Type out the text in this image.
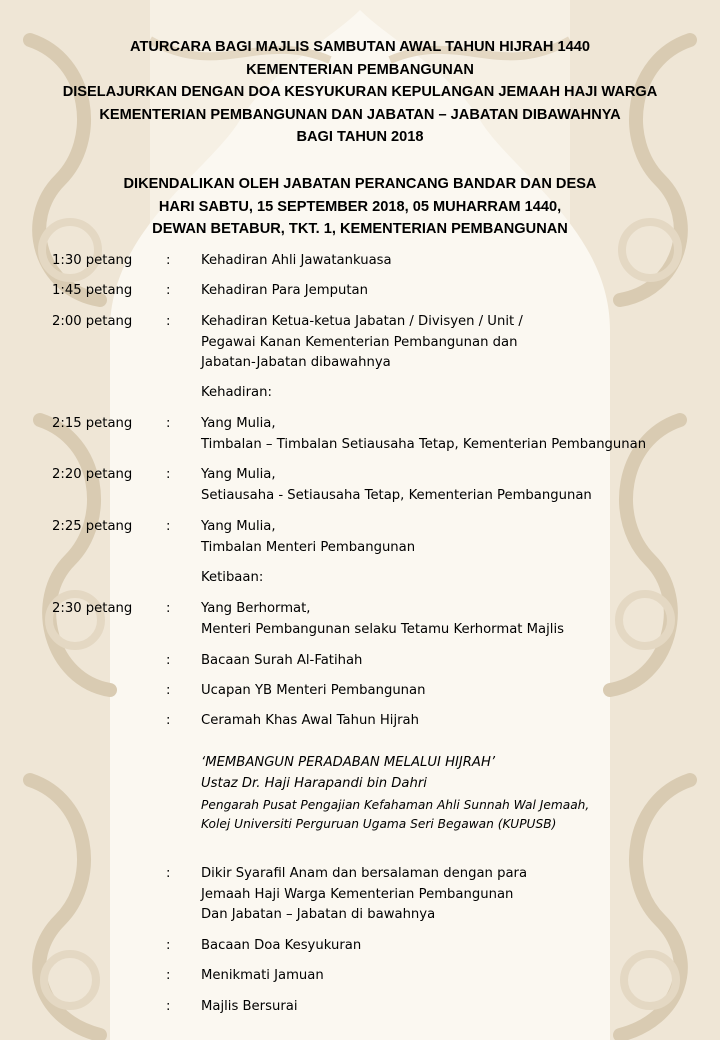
ATURCARA BAGI MAJLIS SAMBUTAN AWAL TAHUN HIJRAH 1440
KEMENTERIAN PEMBANGUNAN
DISELAJURKAN DENGAN DOA KESYUKURAN KEPULANGAN JEMAAH HAJI WARGA
KEMENTERIAN PEMBANGUNAN DAN JABATAN – JABATAN DIBAWAHNYA
BAGI TAHUN 2018
DIKENDALIKAN OLEH JABATAN PERANCANG BANDAR DAN DESA
HARI SABTU, 15 SEPTEMBER 2018, 05 MUHARRAM 1440,
DEWAN BETABUR, TKT. 1, KEMENTERIAN PEMBANGUNAN
1:30 petang	: Kehadiran Ahli Jawatankuasa
1:45 petang	: Kehadiran Para Jemputan
2:00 petang	: Kehadiran Ketua-ketua Jabatan / Divisyen / Unit /
Pegawai Kanan Kementerian Pembangunan dan
Jabatan-Jabatan dibawahnya
Kehadiran:
2:15 petang	: Yang Mulia,
Timbalan – Timbalan Setiausaha Tetap, Kementerian Pembangunan
2:20 petang	: Yang Mulia,
Setiausaha - Setiausaha Tetap, Kementerian Pembangunan
2:25 petang	: Yang Mulia,
Timbalan Menteri Pembangunan
Ketibaan:
2:30 petang	: Yang Berhormat,
Menteri Pembangunan selaku Tetamu Kerhormat Majlis
: Bacaan Surah Al-Fatihah
: Ucapan YB Menteri Pembangunan
: Ceramah Khas Awal Tahun Hijrah
‘MEMBANGUN PERADABAN MELALUI HIJRAH’
Ustaz Dr. Haji Harapandi bin Dahri
Pengarah Pusat Pengajian Kefahaman Ahli Sunnah Wal Jemaah,
Kolej Universiti Perguruan Ugama Seri Begawan (KUPUSB)
: Dikir Syarafil Anam dan bersalaman dengan para
Jemaah Haji Warga Kementerian Pembangunan
Dan Jabatan – Jabatan di bawahnya
: Bacaan Doa Kesyukuran
: Menikmati Jamuan
: Majlis Bersurai
